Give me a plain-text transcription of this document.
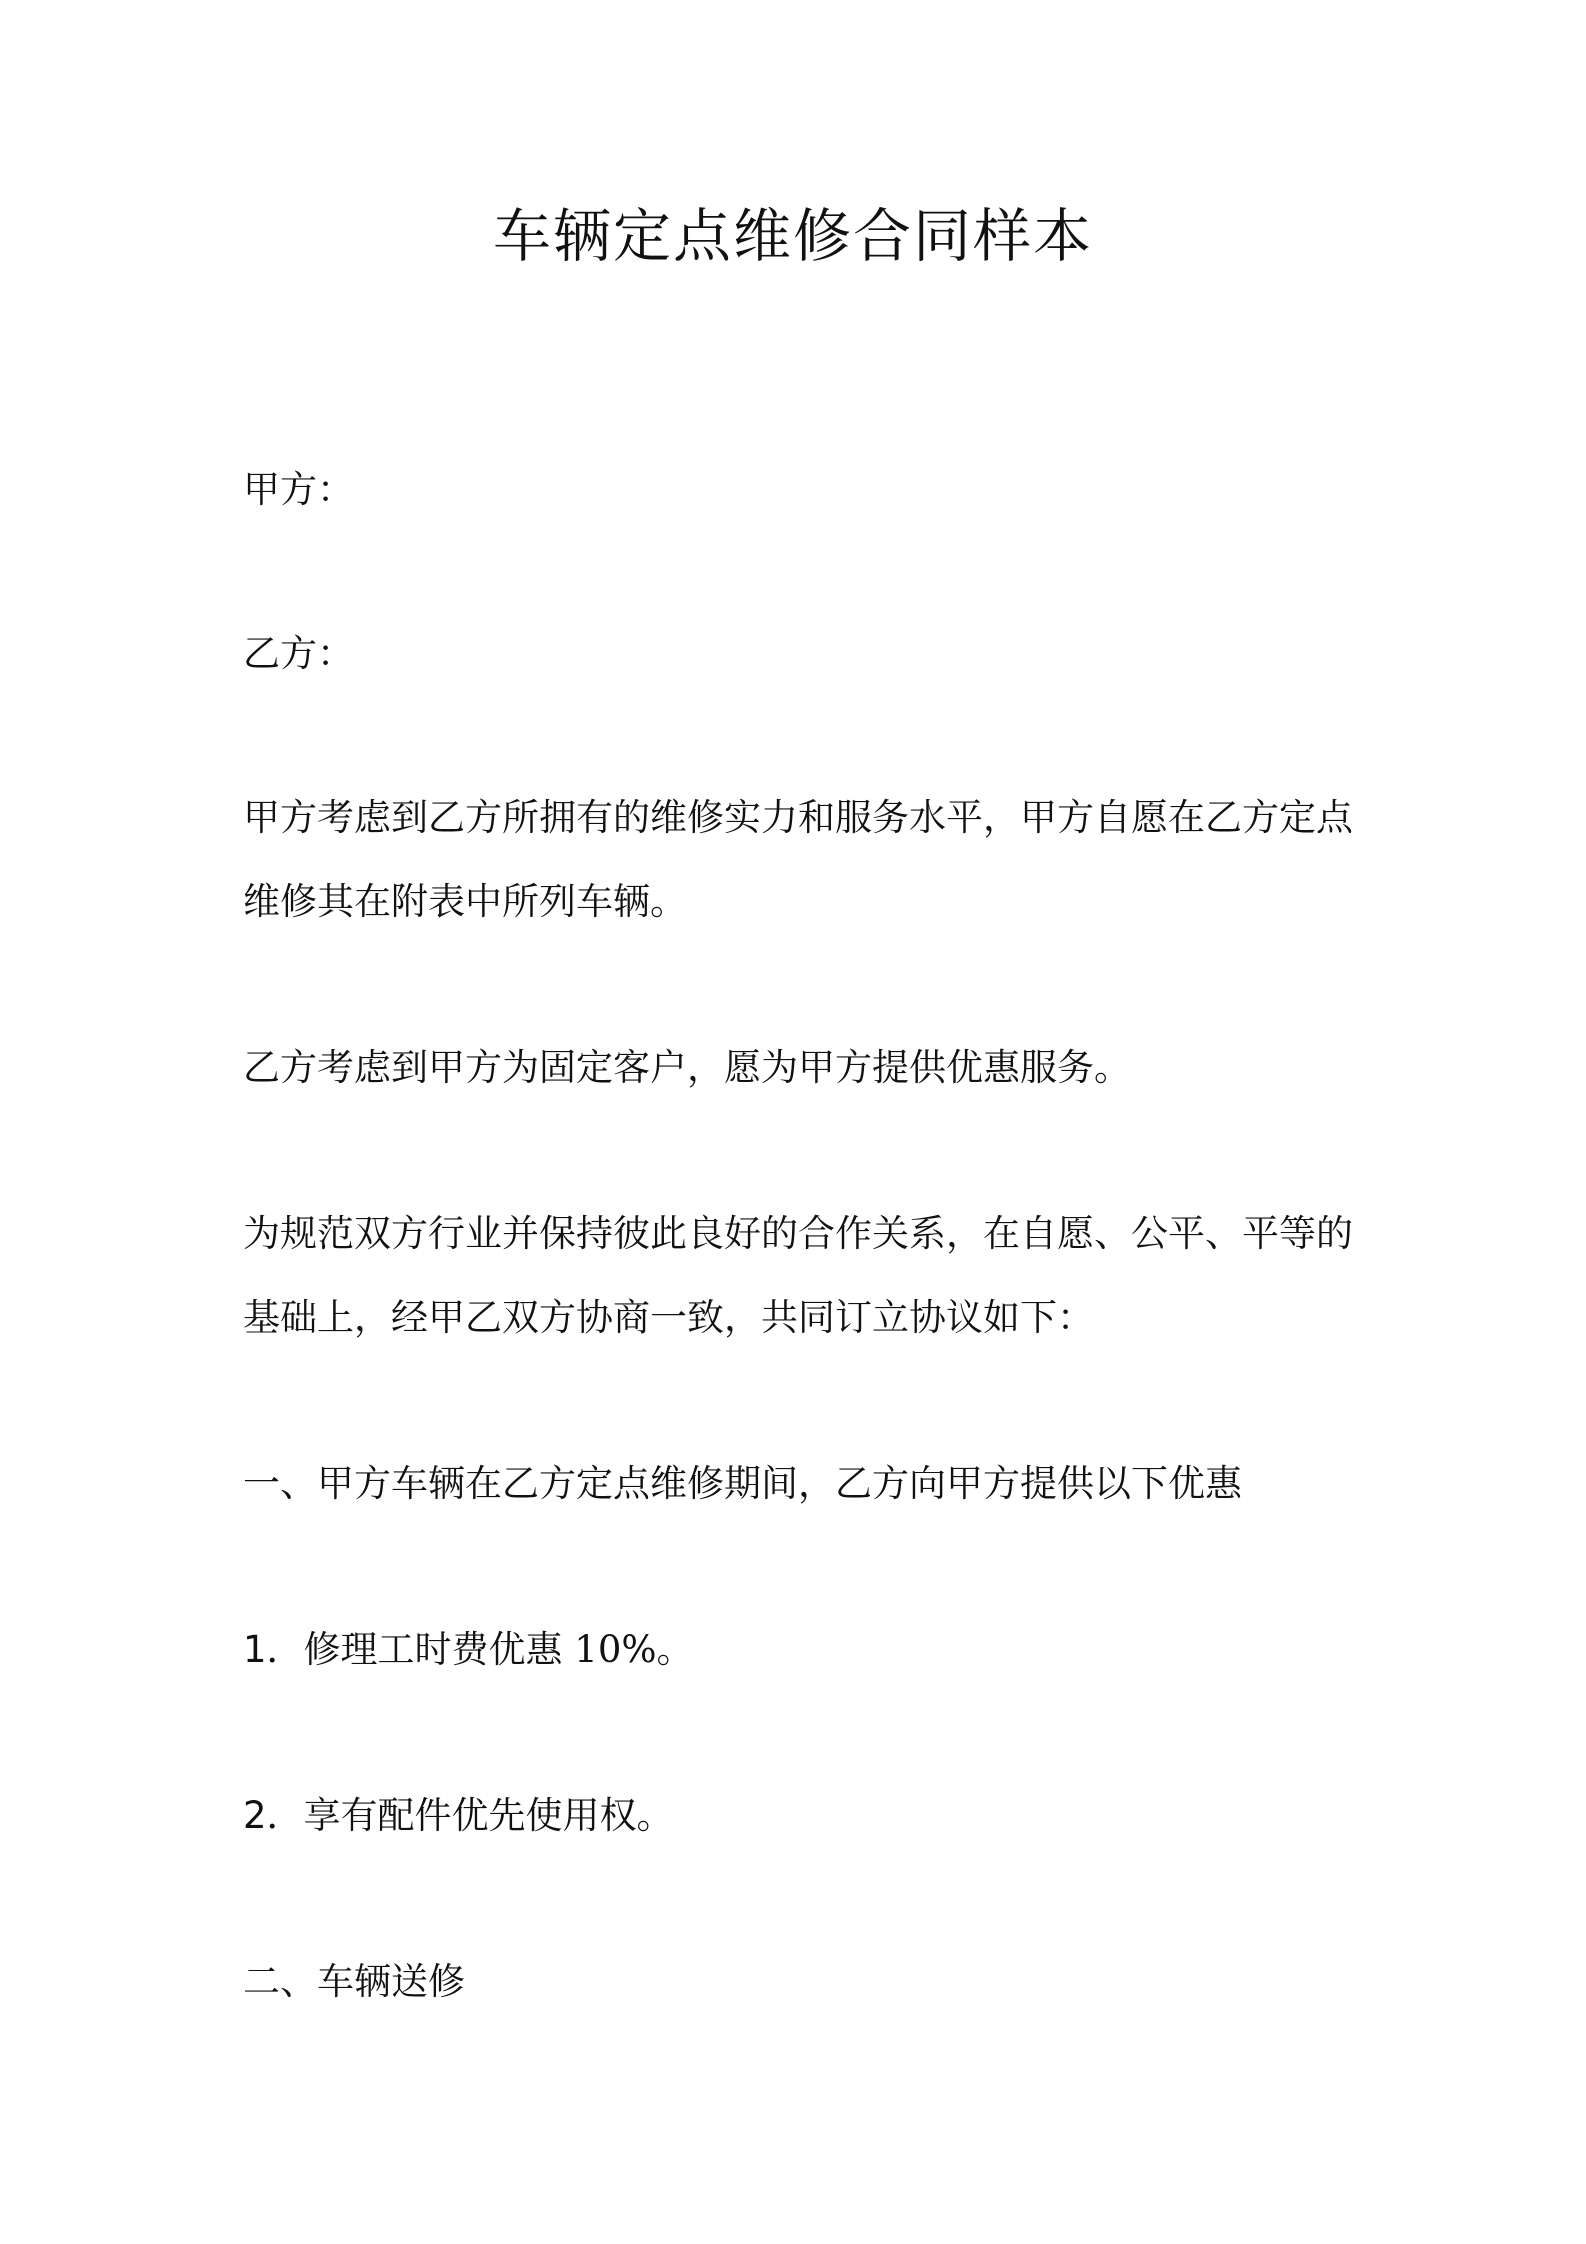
车辆定点维修合同样本

甲方：

乙方：

甲方考虑到乙方所拥有的维修实力和服务水平，甲方自愿在乙方定点

维修其在附表中所列车辆。

乙方考虑到甲方为固定客户，愿为甲方提供优惠服务。

为规范双方行业并保持彼此良好的合作关系，在自愿、公平、平等的

基础上，经甲乙双方协商一致，共同订立协议如下：

一、甲方车辆在乙方定点维修期间，乙方向甲方提供以下优惠

1．修理工时费优惠 10%。

2．享有配件优先使用权。

二、车辆送修
